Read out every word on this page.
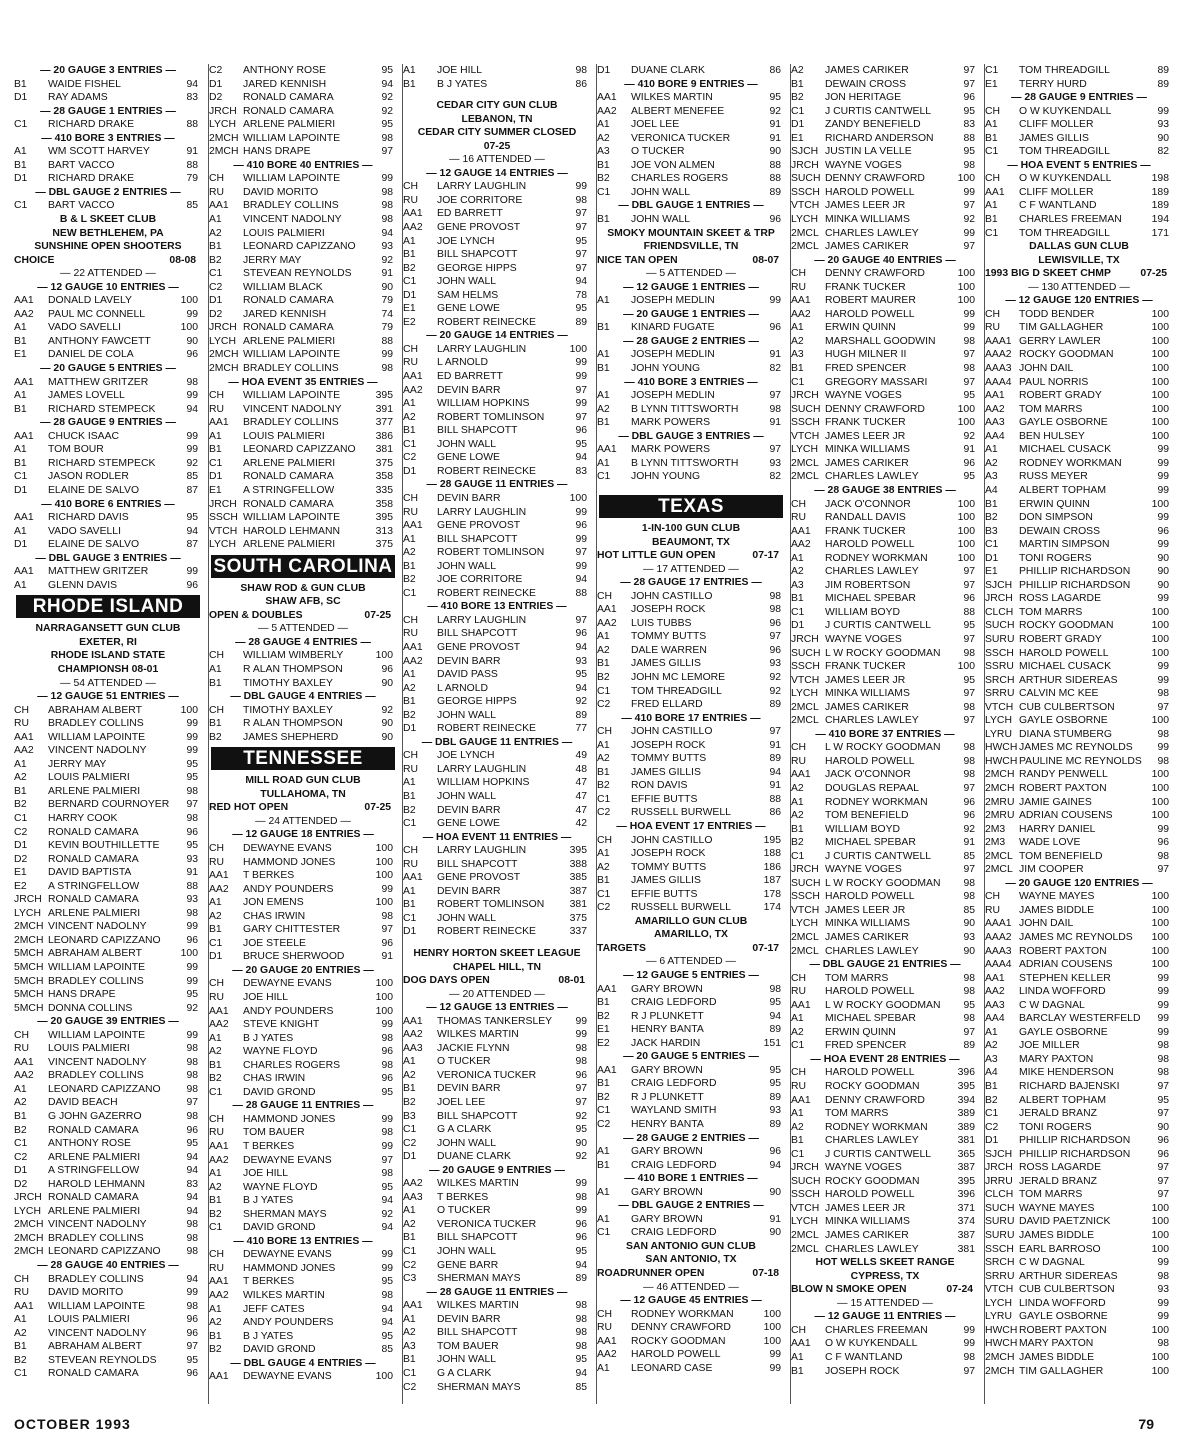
— 20 GAUGE 3 ENTRIES —
B1	WAIDE FISHEL	94
D1	RAY ADAMS	83
— 28 GAUGE 1 ENTRIES —
C1	RICHARD DRAKE	88
— 410 BORE 3 ENTRIES —
A1	WM SCOTT HARVEY	91
B1	BART VACCO	88
D1	RICHARD DRAKE	79
— DBL GAUGE 2 ENTRIES —
C1	BART VACCO	85
B & L SKEET CLUB
NEW BETHLEHEM, PA
SUNSHINE OPEN SHOOTERS
CHOICE	08-08
— 22 ATTENDED —
— 12 GAUGE 10 ENTRIES —
AA1	DONALD LAVELY	100
AA2	PAUL MC CONNELL	99
A1	VADO SAVELLI	100
B1	ANTHONY FAWCETT	90
E1	DANIEL DE COLA	96
— 20 GAUGE 5 ENTRIES —
AA1	MATTHEW GRITZER	98
A1	JAMES LOVELL	99
B1	RICHARD STEMPECK	94
— 28 GAUGE 9 ENTRIES —
AA1	CHUCK ISAAC	99
A1	TOM BOUR	99
B1	RICHARD STEMPECK	92
C1	JASON RODLER	85
D1	ELAINE DE SALVO	87
— 410 BORE 6 ENTRIES —
AA1	RICHARD DAVIS	95
A1	VADO SAVELLI	94
D1	ELAINE DE SALVO	87
— DBL GAUGE 3 ENTRIES —
AA1	MATTHEW GRITZER	99
A1	GLENN DAVIS	96
RHODE ISLAND
NARRAGANSETT GUN CLUB
EXETER, RI
RHODE ISLAND STATE
CHAMPIONSH 08-01
— 54 ATTENDED —
— 12 GAUGE 51 ENTRIES —
CH	ABRAHAM ALBERT	100
RU	BRADLEY COLLINS	99
AA1	WILLIAM LAPOINTE	99
AA2	VINCENT NADOLNY	99
A1	JERRY MAY	95
A2	LOUIS PALMIERI	95
B1	ARLENE PALMIERI	98
B2	BERNARD COURNOYER	97
C1	HARRY COOK	98
C2	RONALD CAMARA	96
D1	KEVIN BOUTHILLETTE	95
D2	RONALD CAMARA	93
E1	DAVID BAPTISTA	91
E2	A STRINGFELLOW	88
JRCH RONALD CAMARA	93
LYCH ARLENE PALMIERI	98
2MCH VINCENT NADOLNY	99
2MCH LEONARD CAPIZZANO	96
5MCH ABRAHAM ALBERT	100
5MCH WILLIAM LAPOINTE	99
5MCH BRADLEY COLLINS	99
5MCH HANS DRAPE	95
5MCH DONNA COLLINS	92
— 20 GAUGE 39 ENTRIES —
CH	WILLIAM LAPOINTE	99
RU	LOUIS PALMIERI	98
AA1	VINCENT NADOLNY	98
AA2	BRADLEY COLLINS	98
A1	LEONARD CAPIZZANO	98
A2	DAVID BEACH	97
B1	G JOHN GAZERRO	98
B2	RONALD CAMARA	96
C1	ANTHONY ROSE	95
C2	ARLENE PALMIERI	94
D1	A STRINGFELLOW	94
D2	HAROLD LEHMANN	83
JRCH RONALD CAMARA	94
LYCH ARLENE PALMIERI	94
2MCH VINCENT NADOLNY	98
2MCH BRADLEY COLLINS	98
2MCH LEONARD CAPIZZANO	98
— 28 GAUGE 40 ENTRIES —
CH	BRADLEY COLLINS	94
RU	DAVID MORITO	99
AA1	WILLIAM LAPOINTE	98
A1	LOUIS PALMIERI	96
A2	VINCENT NADOLNY	96
B1	ABRAHAM ALBERT	97
B2	STEVEAN REYNOLDS	95
C1	RONALD CAMARA	96
C2	ANTHONY ROSE	95
D1	JARED KENNISH	94
D2	RONALD CAMARA	92
JRCH RONALD CAMARA	92
LYCH ARLENE PALMIERI	95
2MCH WILLIAM LAPOINTE	98
2MCH HANS DRAPE	97
— 410 BORE 40 ENTRIES —
CH	WILLIAM LAPOINTE	99
RU	DAVID MORITO	98
AA1	BRADLEY COLLINS	98
A1	VINCENT NADOLNY	98
A2	LOUIS PALMIERI	94
B1	LEONARD CAPIZZANO	93
B2	JERRY MAY	92
C1	STEVEAN REYNOLDS	91
C2	WILLIAM BLACK	90
D1	RONALD CAMARA	79
D2	JARED KENNISH	74
JRCH RONALD CAMARA	79
LYCH ARLENE PALMIERI	88
2MCH WILLIAM LAPOINTE	99
2MCH BRADLEY COLLINS	98
— HOA EVENT 35 ENTRIES —
CH	WILLIAM LAPOINTE	395
RU	VINCENT NADOLNY	391
AA1	BRADLEY COLLINS	377
A1	LOUIS PALMIERI	386
B1	LEONARD CAPIZZANO	381
C1	ARLENE PALMIERI	375
D1	RONALD CAMARA	358
E1	A STRINGFELLOW	335
JRCH RONALD CAMARA	358
SSCH WILLIAM LAPOINTE	395
VTCH HAROLD LEHMANN	313
LYCH ARLENE PALMIERI	375
SOUTH CAROLINA
SHAW ROD & GUN CLUB
SHAW AFB, SC
OPEN & DOUBLES	07-25
— 5 ATTENDED —
— 28 GAUGE 4 ENTRIES —
CH	WILLIAM WIMBERLY	100
A1	R ALAN THOMPSON	96
B1	TIMOTHY BAXLEY	90
— DBL GAUGE 4 ENTRIES —
CH	TIMOTHY BAXLEY	92
B1	R ALAN THOMPSON	90
B2	JAMES SHEPHERD	90
TENNESSEE
MILL ROAD GUN CLUB
TULLAHOMA, TN
RED HOT OPEN	07-25
— 24 ATTENDED —
— 12 GAUGE 18 ENTRIES —
CH	DEWAYNE EVANS	100
RU	HAMMOND JONES	100
AA1	T BERKES	100
AA2	ANDY POUNDERS	99
A1	JON EMENS	100
A2	CHAS IRWIN	98
B1	GARY CHITTESTER	97
C1	JOE STEELE	96
D1	BRUCE SHERWOOD	91
— 20 GAUGE 20 ENTRIES —
CH	DEWAYNE EVANS	100
RU	JOE HILL	100
AA1	ANDY POUNDERS	100
AA2	STEVE KNIGHT	99
A1	B J YATES	98
A2	WAYNE FLOYD	96
B1	CHARLES ROGERS	98
B2	CHAS IRWIN	96
C1	DAVID GROND	95
— 28 GAUGE 11 ENTRIES —
CH	HAMMOND JONES	99
RU	TOM BAUER	98
AA1	T BERKES	99
AA2	DEWAYNE EVANS	97
A1	JOE HILL	98
A2	WAYNE FLOYD	95
B1	B J YATES	94
B2	SHERMAN MAYS	92
C1	DAVID GROND	94
— 410 BORE 13 ENTRIES —
CH	DEWAYNE EVANS	99
RU	HAMMOND JONES	99
AA1	T BERKES	95
AA2	WILKES MARTIN	98
A1	JEFF CATES	94
A2	ANDY POUNDERS	94
B1	B J YATES	95
B2	DAVID GROND	85
— DBL GAUGE 4 ENTRIES —
AA1	DEWAYNE EVANS	100
A1	JOE HILL	98
B1	B J YATES	86
CEDAR CITY GUN CLUB
LEBANON, TN
CEDAR CITY SUMMER CLOSED
07-25
— 16 ATTENDED —
— 12 GAUGE 14 ENTRIES —
CH	LARRY LAUGHLIN	99
RU	JOE CORRITORE	98
AA1	ED BARRETT	97
AA2	GENE PROVOST	97
A1	JOE LYNCH	95
B1	BILL SHAPCOTT	97
B2	GEORGE HIPPS	97
C1	JOHN WALL	94
D1	SAM HELMS	78
E1	GENE LOWE	95
E2	ROBERT REINECKE	89
— 20 GAUGE 14 ENTRIES —
CH	LARRY LAUGHLIN	100
RU	L ARNOLD	99
AA1	ED BARRETT	99
AA2	DEVIN BARR	97
A1	WILLIAM HOPKINS	99
A2	ROBERT TOMLINSON	97
B1	BILL SHAPCOTT	96
C1	JOHN WALL	95
C2	GENE LOWE	94
D1	ROBERT REINECKE	83
— 28 GAUGE 11 ENTRIES —
CH	DEVIN BARR	100
RU	LARRY LAUGHLIN	99
AA1	GENE PROVOST	96
A1	BILL SHAPCOTT	99
A2	ROBERT TOMLINSON	97
B1	JOHN WALL	99
B2	JOE CORRITORE	94
C1	ROBERT REINECKE	88
— 410 BORE 13 ENTRIES —
CH	LARRY LAUGHLIN	97
RU	BILL SHAPCOTT	96
AA1	GENE PROVOST	94
AA2	DEVIN BARR	93
A1	DAVID PASS	95
A2	L ARNOLD	94
B1	GEORGE HIPPS	92
B2	JOHN WALL	89
D1	ROBERT REINECKE	77
— DBL GAUGE 11 ENTRIES —
CH	JOE LYNCH	49
RU	LARRY LAUGHLIN	48
A1	WILLIAM HOPKINS	47
B1	JOHN WALL	47
B2	DEVIN BARR	47
C1	GENE LOWE	42
— HOA EVENT 11 ENTRIES —
CH	LARRY LAUGHLIN	395
RU	BILL SHAPCOTT	388
AA1	GENE PROVOST	385
A1	DEVIN BARR	387
B1	ROBERT TOMLINSON	381
C1	JOHN WALL	375
D1	ROBERT REINECKE	337
HENRY HORTON SKEET LEAGUE
CHAPEL HILL, TN
DOG DAYS OPEN	08-01
— 20 ATTENDED —
— 12 GAUGE 13 ENTRIES —
AA1	THOMAS TANKERSLEY	99
AA2	WILKES MARTIN	99
AA3	JACKIE FLYNN	98
A1	O TUCKER	98
A2	VERONICA TUCKER	96
B1	DEVIN BARR	97
B2	JOEL LEE	97
B3	BILL SHAPCOTT	92
C1	G A CLARK	95
C2	JOHN WALL	90
D1	DUANE CLARK	92
— 20 GAUGE 9 ENTRIES —
AA2	WILKES MARTIN	99
AA3	T BERKES	98
A1	O TUCKER	99
A2	VERONICA TUCKER	96
B1	BILL SHAPCOTT	96
C1	JOHN WALL	95
C2	GENE BARR	94
C3	SHERMAN MAYS	89
— 28 GAUGE 11 ENTRIES —
AA1	WILKES MARTIN	98
A1	DEVIN BARR	98
A2	BILL SHAPCOTT	98
A3	TOM BAUER	98
B1	JOHN WALL	95
C1	G A CLARK	94
C2	SHERMAN MAYS	85
D1	DUANE CLARK	86
— 410 BORE 9 ENTRIES —
AA1	WILKES MARTIN	95
AA2	ALBERT MENEFEE	92
A1	JOEL LEE	91
A2	VERONICA TUCKER	91
A3	O TUCKER	90
B1	JOE VON ALMEN	88
B2	CHARLES ROGERS	88
C1	JOHN WALL	89
— DBL GAUGE 1 ENTRIES —
B1	JOHN WALL	96
SMOKY MOUNTAIN SKEET & TRP
FRIENDSVILLE, TN
NICE TAN OPEN	08-07
— 5 ATTENDED —
— 12 GAUGE 1 ENTRIES —
A1	JOSEPH MEDLIN	99
— 20 GAUGE 1 ENTRIES —
B1	KINARD FUGATE	96
— 28 GAUGE 2 ENTRIES —
A1	JOSEPH MEDLIN	91
B1	JOHN YOUNG	82
— 410 BORE 3 ENTRIES —
A1	JOSEPH MEDLIN	97
A2	B LYNN TITTSWORTH	98
B1	MARK POWERS	91
— DBL GAUGE 3 ENTRIES —
AA1	MARK POWERS	97
A1	B LYNN TITTSWORTH	93
C1	JOHN YOUNG	82
TEXAS
1-IN-100 GUN CLUB
BEAUMONT, TX
HOT LITTLE GUN OPEN	07-17
— 17 ATTENDED —
— 28 GAUGE 17 ENTRIES —
CH	JOHN CASTILLO	98
AA1	JOSEPH ROCK	98
AA2	LUIS TUBBS	96
A1	TOMMY BUTTS	97
A2	DALE WARREN	96
B1	JAMES GILLIS	93
B2	JOHN MC LEMORE	92
C1	TOM THREADGILL	92
C2	FRED ELLARD	89
— 410 BORE 17 ENTRIES —
CH	JOHN CASTILLO	97
A1	JOSEPH ROCK	91
A2	TOMMY BUTTS	89
B1	JAMES GILLIS	94
B2	RON DAVIS	91
C1	EFFIE BUTTS	88
C2	RUSSELL BURWELL	86
— HOA EVENT 17 ENTRIES —
CH	JOHN CASTILLO	195
A1	JOSEPH ROCK	188
A2	TOMMY BUTTS	186
B1	JAMES GILLIS	187
C1	EFFIE BUTTS	178
C2	RUSSELL BURWELL	174
AMARILLO GUN CLUB
AMARILLO, TX
TARGETS	07-17
— 6 ATTENDED —
— 12 GAUGE 5 ENTRIES —
AA1	GARY BROWN	98
B1	CRAIG LEDFORD	95
B2	R J PLUNKETT	94
E1	HENRY BANTA	89
E2	JACK HARDIN	151
— 20 GAUGE 5 ENTRIES —
AA1	GARY BROWN	95
B1	CRAIG LEDFORD	95
B2	R J PLUNKETT	89
C1	WAYLAND SMITH	93
C2	HENRY BANTA	89
— 28 GAUGE 2 ENTRIES —
A1	GARY BROWN	96
B1	CRAIG LEDFORD	94
— 410 BORE 1 ENTRIES —
A1	GARY BROWN	90
— DBL GAUGE 2 ENTRIES —
A1	GARY BROWN	91
C1	CRAIG LEDFORD	90
SAN ANTONIO GUN CLUB
SAN ANTONIO, TX
ROADRUNNER OPEN	07-18
— 46 ATTENDED —
— 12 GAUGE 45 ENTRIES —
CH	RODNEY WORKMAN	100
RU	DENNY CRAWFORD	100
AA1	ROCKY GOODMAN	100
AA2	HAROLD POWELL	99
A1	LEONARD CASE	99
A2	JAMES CARIKER	97
B1	DEWAIN CROSS	97
B2	JON HERITAGE	96
C1	J CURTIS CANTWELL	95
D1	ZANDY BENEFIELD	83
E1	RICHARD ANDERSON	88
SJCH JUSTIN LA VELLE	95
JRCH WAYNE VOGES	98
SUCH DENNY CRAWFORD	100
SSCH HAROLD POWELL	99
VTCH JAMES LEER JR	97
LYCH MINKA WILLIAMS	92
2MCL CHARLES LAWLEY	99
2MCL JAMES CARIKER	97
— 20 GAUGE 40 ENTRIES —
CH	DENNY CRAWFORD	100
RU	FRANK TUCKER	100
AA1	ROBERT MAURER	100
AA2	HAROLD POWELL	99
A1	ERWIN QUINN	99
A2	MARSHALL GOODWIN	98
A3	HUGH MILNER II	97
B1	FRED SPENCER	98
C1	GREGORY MASSARI	97
JRCH WAYNE VOGES	95
SUCH DENNY CRAWFORD	100
SSCH FRANK TUCKER	100
VTCH JAMES LEER JR	92
LYCH MINKA WILLIAMS	91
2MCL JAMES CARIKER	96
2MCL CHARLES LAWLEY	95
— 28 GAUGE 38 ENTRIES —
CH	JACK O'CONNOR	100
RU	RANDALL DAVIS	100
AA1	FRANK TUCKER	100
AA2	HAROLD POWELL	100
A1	RODNEY WORKMAN	100
A2	CHARLES LAWLEY	97
A3	JIM ROBERTSON	97
B1	MICHAEL SPEBAR	96
C1	WILLIAM BOYD	88
D1	J CURTIS CANTWELL	95
JRCH WAYNE VOGES	97
SUCH L W ROCKY GOODMAN	98
SSCH FRANK TUCKER	100
VTCH JAMES LEER JR	95
LYCH MINKA WILLIAMS	97
2MCL JAMES CARIKER	98
2MCL CHARLES LAWLEY	97
— 410 BORE 37 ENTRIES —
CH	L W ROCKY GOODMAN	98
RU	HAROLD POWELL	98
AA1	JACK O'CONNOR	98
A2	DOUGLAS REPAAL	97
A1	RODNEY WORKMAN	96
A2	TOM BENEFIELD	96
B1	WILLIAM BOYD	92
B2	MICHAEL SPEBAR	91
C1	J CURTIS CANTWELL	85
JRCH WAYNE VOGES	97
SUCH L W ROCKY GOODMAN	98
SSCH HAROLD POWELL	98
VTCH JAMES LEER JR	85
LYCH MINKA WILLIAMS	90
2MCL JAMES CARIKER	93
2MCL CHARLES LAWLEY	90
— DBL GAUGE 21 ENTRIES —
CH	TOM MARRS	98
RU	HAROLD POWELL	98
AA1	L W ROCKY GOODMAN	95
A1	MICHAEL SPEBAR	98
A2	ERWIN QUINN	97
C1	FRED SPENCER	89
— HOA EVENT 28 ENTRIES —
CH	HAROLD POWELL	396
RU	ROCKY GOODMAN	395
AA1	DENNY CRAWFORD	394
A1	TOM MARRS	389
A2	RODNEY WORKMAN	389
B1	CHARLES LAWLEY	381
C1	J CURTIS CANTWELL	365
JRCH WAYNE VOGES	387
SUCH ROCKY GOODMAN	395
SSCH HAROLD POWELL	396
VTCH JAMES LEER JR	371
LYCH MINKA WILLIAMS	374
2MCL JAMES CARIKER	387
2MCL CHARLES LAWLEY	381
HOT WELLS SKEET RANGE
CYPRESS, TX
BLOW N SMOKE OPEN	07-24
— 15 ATTENDED —
— 12 GAUGE 11 ENTRIES —
CH	CHARLES FREEMAN	99
AA1	O W KUYKENDALL	99
A1	C F WANTLAND	98
B1	JOSEPH ROCK	97
C1	TOM THREADGILL	89
E1	TERRY HURD	89
— 28 GAUGE 9 ENTRIES —
CH	O W KUYKENDALL	99
A1	CLIFF MOLLER	93
B1	JAMES GILLIS	90
C1	TOM THREADGILL	82
— HOA EVENT 5 ENTRIES —
CH	O W KUYKENDALL	198
AA1	CLIFF MOLLER	189
A1	C F WANTLAND	189
B1	CHARLES FREEMAN	194
C1	TOM THREADGILL	171
DALLAS GUN CLUB
LEWISVILLE, TX
1993 BIG D SKEET CHMP	07-25
— 130 ATTENDED —
— 12 GAUGE 120 ENTRIES —
CH	TODD BENDER	100
RU	TIM GALLAGHER	100
AAA1 GERRY LAWLER	100
AAA2 ROCKY GOODMAN	100
AAA3 JOHN DAIL	100
AAA4 PAUL NORRIS	100
AA1	ROBERT GRADY	100
AA2	TOM MARRS	100
AA3	GAYLE OSBORNE	100
AA4	BEN HULSEY	100
A1	MICHAEL CUSACK	99
A2	RODNEY WORKMAN	99
A3	RUSS MEYER	99
A4	ALBERT TOPHAM	99
B1	ERWIN QUINN	100
B2	DON SIMPSON	99
B3	DEWAIN CROSS	96
C1	MARTIN SIMPSON	99
D1	TONI ROGERS	90
E1	PHILLIP RICHARDSON	90
SJCH PHILLIP RICHARDSON	90
JRCH ROSS LAGARDE	99
CLCH TOM MARRS	100
SUCH ROCKY GOODMAN	100
SURU ROBERT GRADY	100
SSCH HAROLD POWELL	100
SSRU MICHAEL CUSACK	99
SRCH ARTHUR SIDEREAS	99
SRRU CALVIN MC KEE	98
VTCH CUB CULBERTSON	97
LYCH GAYLE OSBORNE	100
LYRU DIANA STUMBERG	98
HWCH JAMES MC REYNOLDS	99
HWCH PAULINE MC REYNOLDS	98
2MCH RANDY PENWELL	100
2MCH ROBERT PAXTON	100
2MRU JAMIE GAINES	100
2MRU ADRIAN COUSENS	100
2M3	HARRY DANIEL	99
2M3	WADE LOVE	96
2MCL TOM BENEFIELD	98
2MCL JIM COOPER	97
— 20 GAUGE 120 ENTRIES —
CH	WAYNE MAYES	100
RU	JAMES BIDDLE	100
AAA1 JOHN DAIL	100
AAA2 JAMES MC REYNOLDS	100
AAA3 ROBERT PAXTON	100
AAA4 ADRIAN COUSENS	100
AA1	STEPHEN KELLER	99
AA2	LINDA WOFFORD	99
AA3	C W DAGNAL	99
AA4	BARCLAY WESTERFELD	99
A1	GAYLE OSBORNE	99
A2	JOE MILLER	98
A3	MARY PAXTON	98
A4	MIKE HENDERSON	98
B1	RICHARD BAJENSKI	97
B2	ALBERT TOPHAM	95
C1	JERALD BRANZ	97
C2	TONI ROGERS	90
D1	PHILLIP RICHARDSON	96
SJCH PHILLIP RICHARDSON	96
JRCH ROSS LAGARDE	97
JRRU JERALD BRANZ	97
CLCH TOM MARRS	97
SUCH WAYNE MAYES	100
SURU DAVID PAETZNICK	100
SURU JAMES BIDDLE	100
SSCH EARL BARROSO	100
SRCH C W DAGNAL	99
SRRU ARTHUR SIDEREAS	98
VTCH CUB CULBERTSON	93
LYCH LINDA WOFFORD	99
LYRU GAYLE OSBORNE	99
HWCH ROBERT PAXTON	100
HWCH MARY PAXTON	98
2MCH JAMES BIDDLE	100
2MCH TIM GALLAGHER	100
OCTOBER 1993	79
